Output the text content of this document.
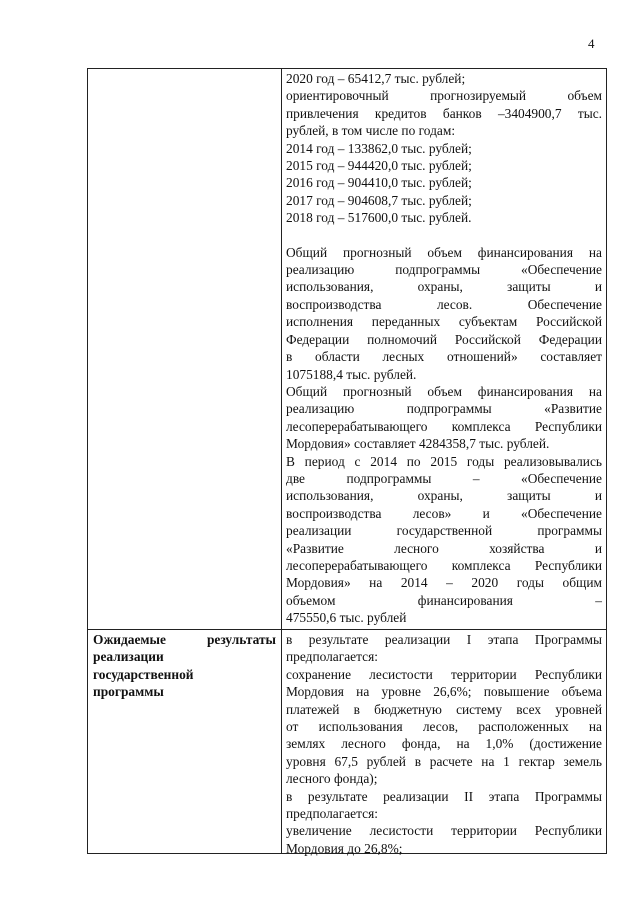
4
2020 год – 65412,7 тыс. рублей;
ориентировочный прогнозируемый объем
привлечения кредитов банков –3404900,7 тыс.
рублей, в том числе по годам:
2014 год – 133862,0 тыс. рублей;
2015 год – 944420,0 тыс. рублей;
2016 год – 904410,0 тыс. рублей;
2017 год – 904608,7 тыс. рублей;
2018 год – 517600,0 тыс. рублей.
Общий прогнозный объем финансирования на
реализацию подпрограммы «Обеспечение
использования, охраны, защиты и
воспроизводства лесов. Обеспечение
исполнения переданных субъектам Российской
Федерации полномочий Российской Федерации
в области лесных отношений» составляет
1075188,4 тыс. рублей.
Общий прогнозный объем финансирования на
реализацию подпрограммы «Развитие
лесоперерабатывающего комплекса Республики
Мордовия» составляет 4284358,7 тыс. рублей.
В период с 2014 по 2015 годы реализовывались
две подпрограммы – «Обеспечение
использования, охраны, защиты и
воспроизводства лесов» и «Обеспечение
реализации государственной программы
«Развитие лесного хозяйства и
лесоперерабатывающего комплекса Республики
Мордовия» на 2014 – 2020 годы общим
объемом финансирования –
475550,6 тыс. рублей
Ожидаемые результаты
реализации
государственной
программы
в результате реализации I этапа Программы
предполагается:
сохранение лесистости территории Республики
Мордовия на уровне 26,6%; повышение объема
платежей в бюджетную систему всех уровней
от использования лесов, расположенных на
землях лесного фонда, на 1,0% (достижение
уровня 67,5 рублей в расчете на 1 гектар земель
лесного фонда);
в результате реализации II этапа Программы
предполагается:
увеличение лесистости территории Республики
Мордовия до 26,8%;
